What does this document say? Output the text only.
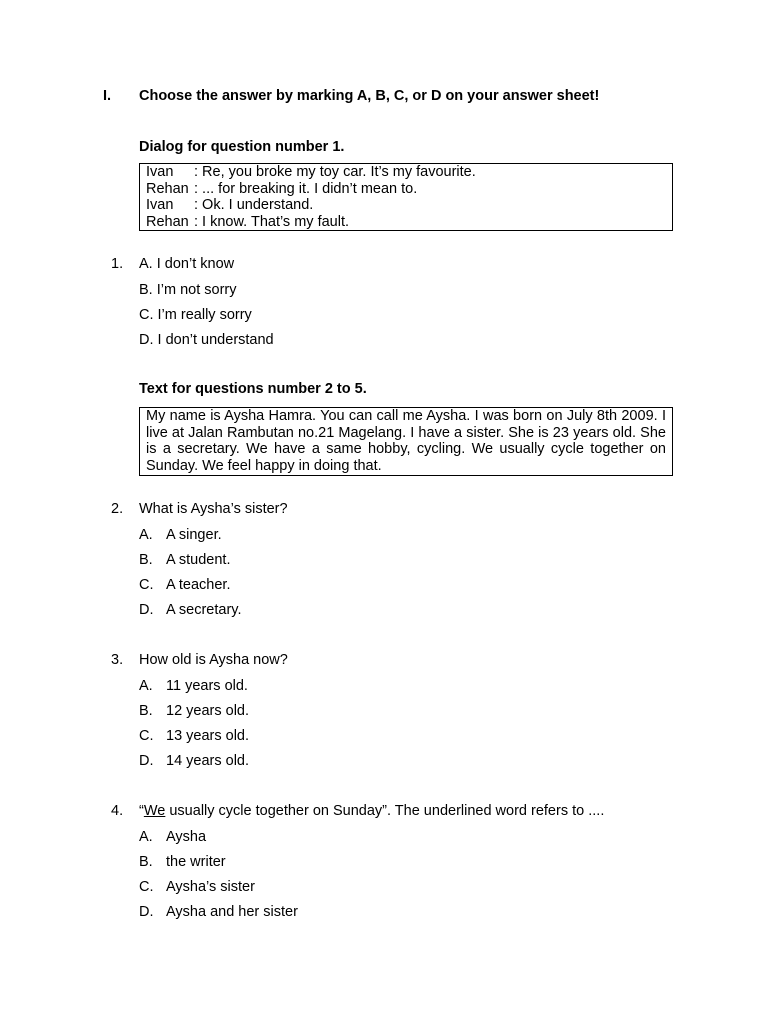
I. Choose the answer by marking A, B, C, or D on your answer sheet!
Dialog for question number 1.
Ivan	: Re, you broke my toy car. It’s my favourite.
Rehan : ... for breaking it. I didn’t mean to.
Ivan	: Ok. I understand.
Rehan : I know. That’s my fault.
1. A. I don’t know
B. I’m not sorry
C. I’m really sorry
D. I don’t understand
Text for questions number 2 to 5.
My name is Aysha Hamra. You can call me Aysha. I was born on July 8th 2009. I live at Jalan Rambutan no.21 Magelang. I have a sister. She is 23 years old. She is a secretary. We have a same hobby, cycling. We usually cycle together on Sunday. We feel happy in doing that.
2. What is Aysha’s sister?
A. A singer.
B. A student.
C. A teacher.
D. A secretary.
3. How old is Aysha now?
A. 11 years old.
B. 12 years old.
C. 13 years old.
D. 14 years old.
4. “We usually cycle together on Sunday”. The underlined word refers to ....
A. Aysha
B. the writer
C. Aysha’s sister
D. Aysha and her sister
